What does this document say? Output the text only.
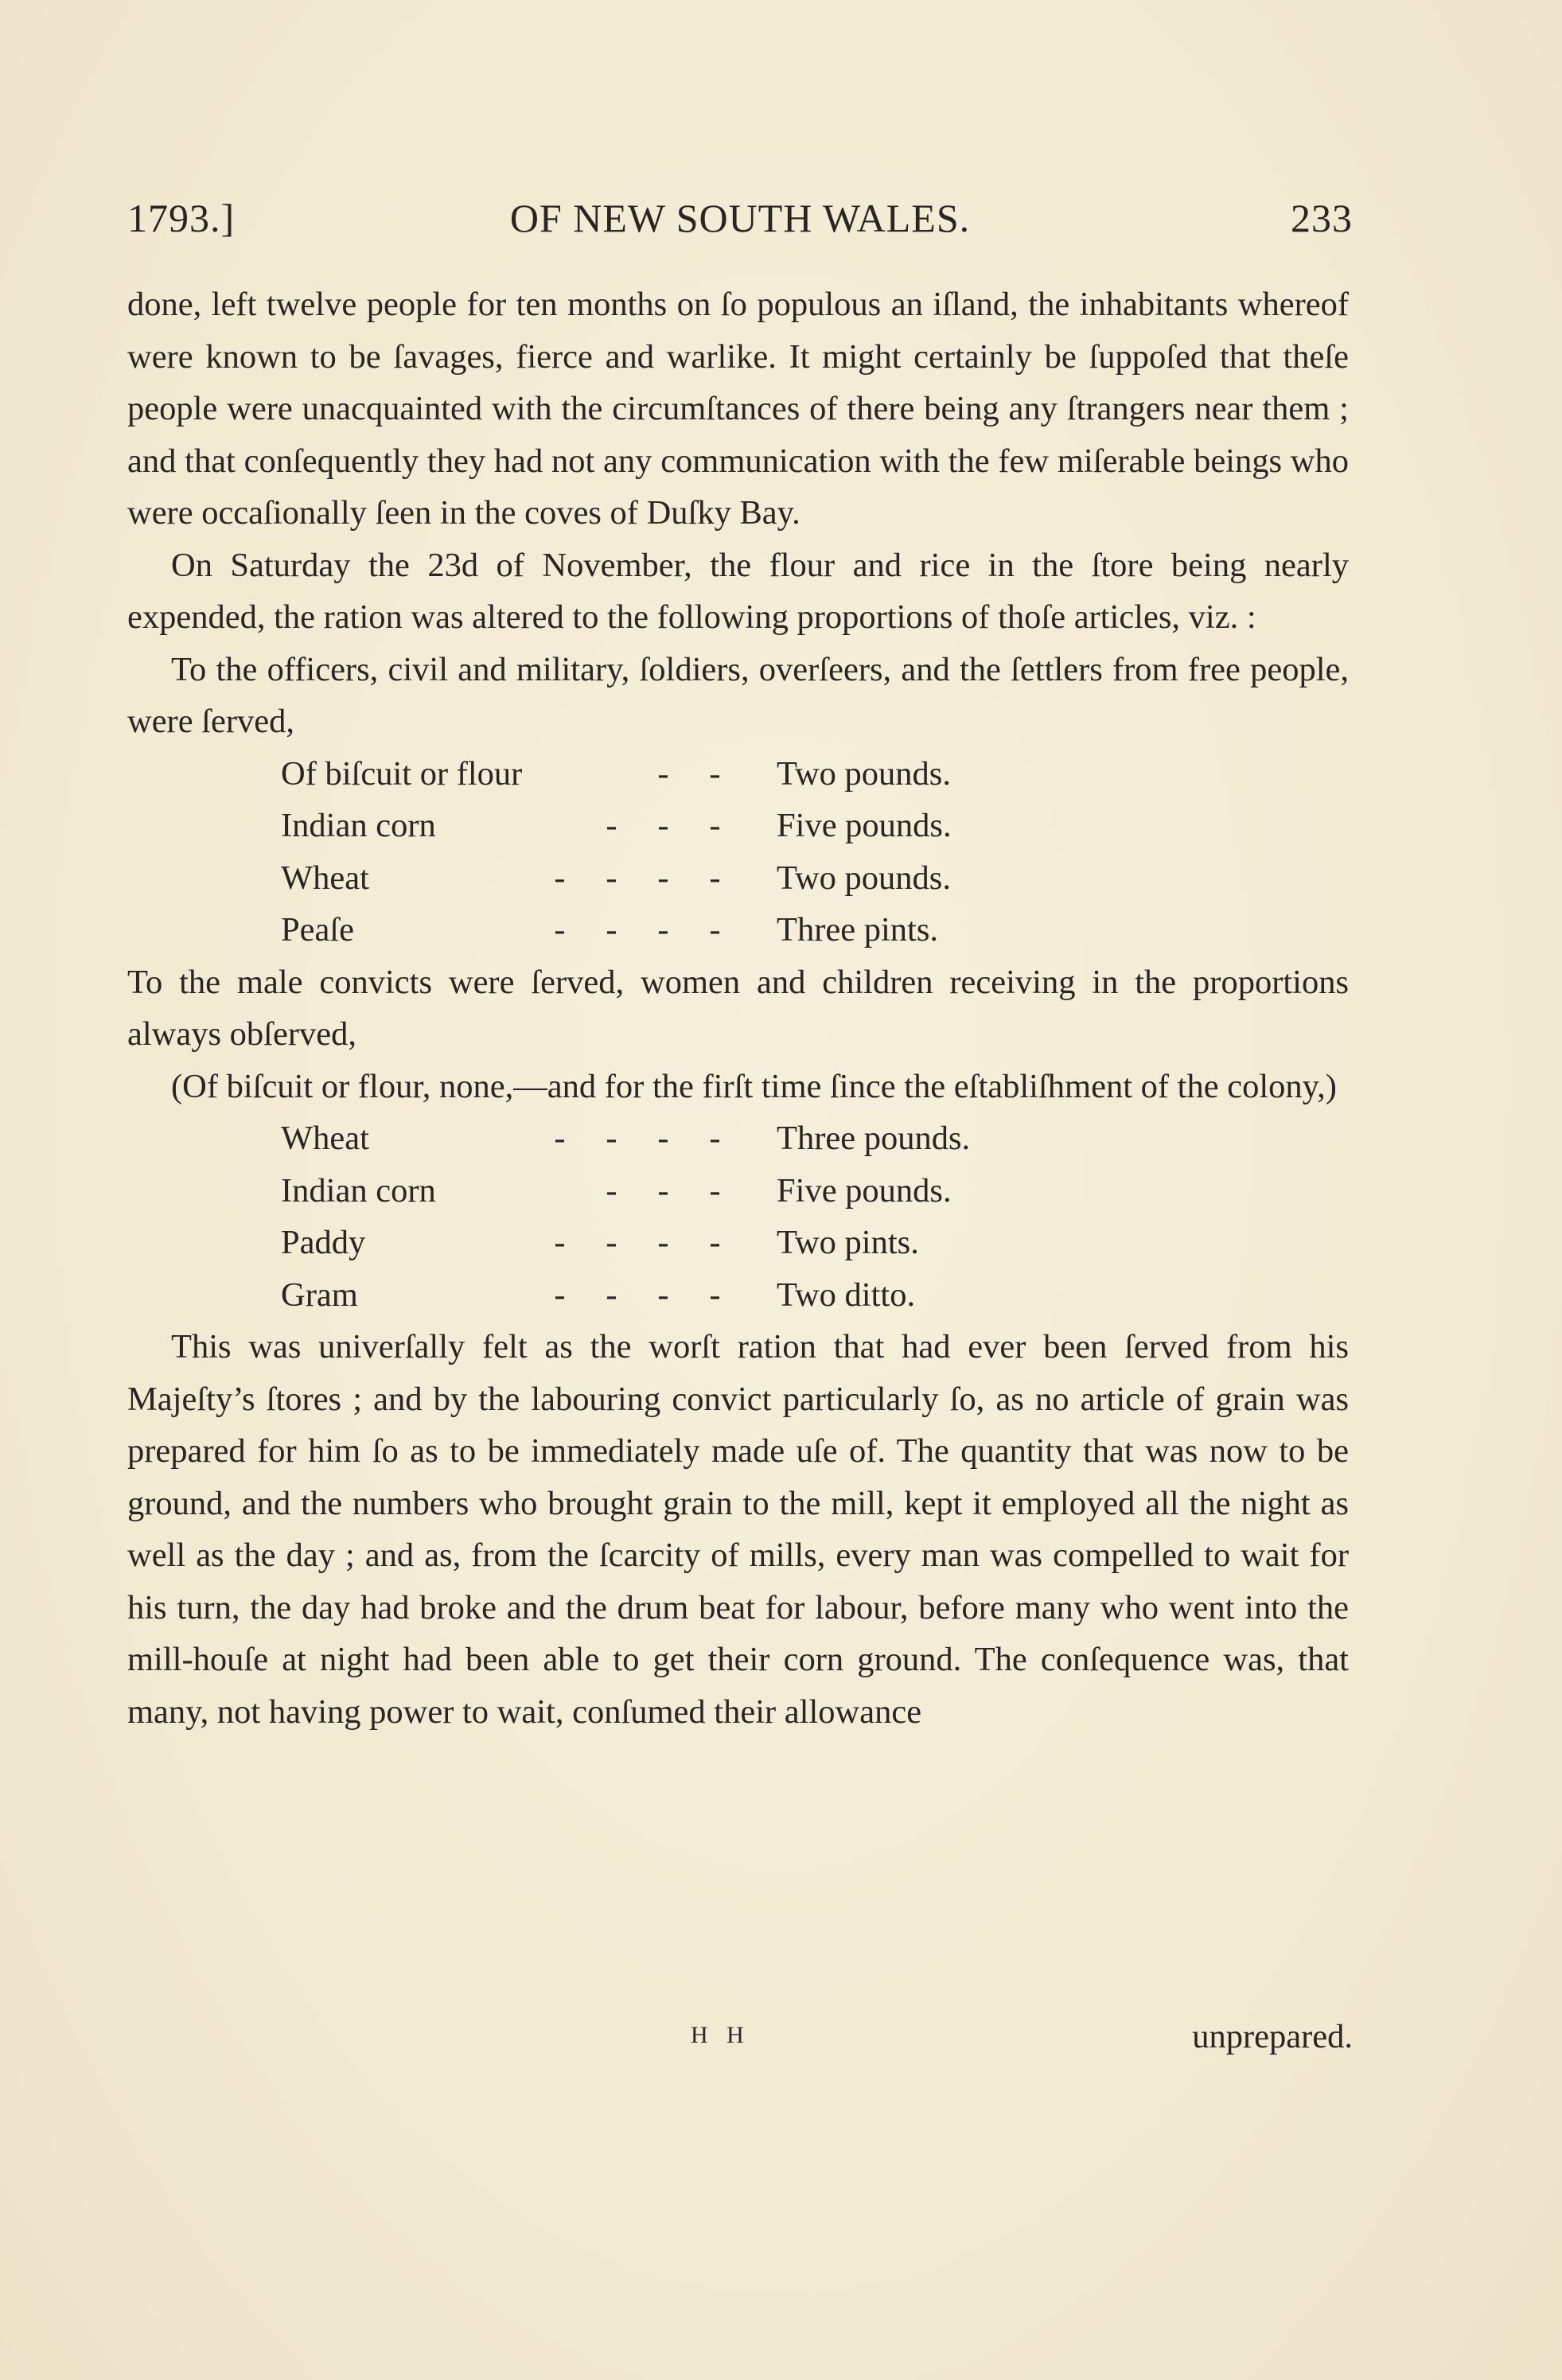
1793.]	OF NEW SOUTH WALES.	233

done, left twelve people for ten months on ſo populous an iſland, the inhabitants whereof were known to be ſavages, fierce and warlike. It might certainly be ſuppoſed that theſe people were unacquainted with the circumſtances of there being any ſtrangers near them ; and that conſequently they had not any communication with the few miſerable beings who were occaſionally ſeen in the coves of Duſky Bay.

On Saturday the 23d of November, the flour and rice in the ſtore being nearly expended, the ration was altered to the following proportions of thoſe articles, viz. :

To the officers, civil and military, ſoldiers, overſeers, and the ſettlers from free people, were ſerved,

Of biſcuit or flour	-	-	Two pounds.
Indian corn	-	-	-	Five pounds.
Wheat	-	-	-	-	Two pounds.
Peaſe	-	-	-	-	Three pints.

To the male convicts were ſerved, women and children receiving in the proportions always obſerved,

(Of biſcuit or flour, none,—and for the firſt time ſince the eſtabliſhment of the colony,)

Wheat	-	-	-	-	Three pounds.
Indian corn	-	-	-	Five pounds.
Paddy	-	-	-	-	Two pints.
Gram	-	-	-	-	Two ditto.

This was univerſally felt as the worſt ration that had ever been ſerved from his Majeſty’s ſtores ; and by the labouring convict particularly ſo, as no article of grain was prepared for him ſo as to be immediately made uſe of. The quantity that was now to be ground, and the numbers who brought grain to the mill, kept it employed all the night as well as the day ; and as, from the ſcarcity of mills, every man was compelled to wait for his turn, the day had broke and the drum beat for labour, before many who went into the mill-houſe at night had been able to get their corn ground. The conſequence was, that many, not having power to wait, conſumed their allowance

H H	unprepared.
